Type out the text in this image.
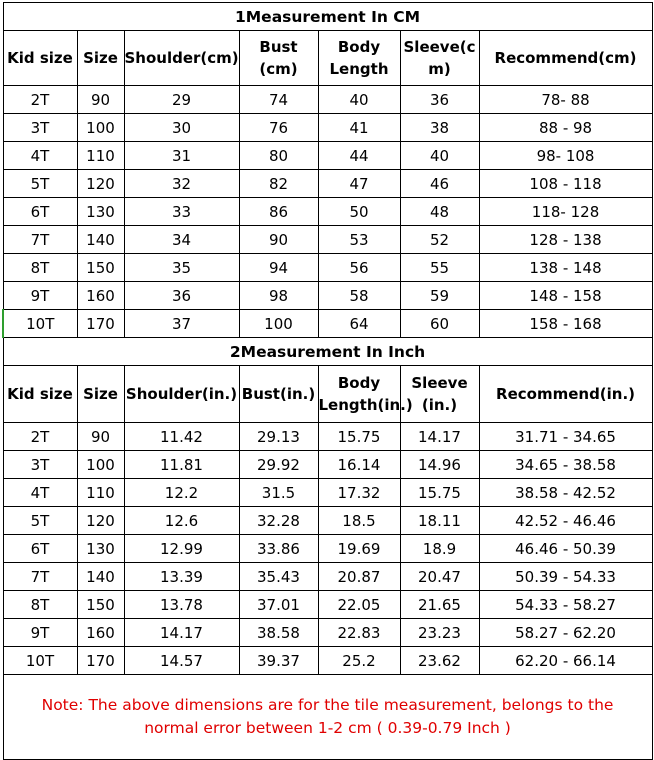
1Measurement In CM						
Kid size	Size	Shoulder(cm)	Bust (cm)	Body Length	Sleeve(c m)	Recommend(cm)
2T	90	29	74	40	36	78- 88
3T	100	30	76	41	38	88 - 98
4T	110	31	80	44	40	98- 108
5T	120	32	82	47	46	108 - 118
6T	130	33	86	50	48	118- 128
7T	140	34	90	53	52	128 - 138
8T	150	35	94	56	55	138 - 148
9T	160	36	98	58	59	148 - 158
10T	170	37	100	64	60	158 - 168
2Measurement In Inch						
Kid size	Size	Shoulder(in.)	Bust(in.)	Body Length(in.)	Sleeve (in.)	Recommend(in.)
2T	90	11.42	29.13	15.75	14.17	31.71 - 34.65
3T	100	11.81	29.92	16.14	14.96	34.65 - 38.58
4T	110	12.2	31.5	17.32	15.75	38.58 - 42.52
5T	120	12.6	32.28	18.5	18.11	42.52 - 46.46
6T	130	12.99	33.86	19.69	18.9	46.46 - 50.39
7T	140	13.39	35.43	20.87	20.47	50.39 - 54.33
8T	150	13.78	37.01	22.05	21.65	54.33 - 58.27
9T	160	14.17	38.58	22.83	23.23	58.27 - 62.20
10T	170	14.57	39.37	25.2	23.62	62.20 - 66.14
Note: The above dimensions are for the tile measurement, belongs to the normal error between 1-2 cm ( 0.39-0.79 Inch )						
